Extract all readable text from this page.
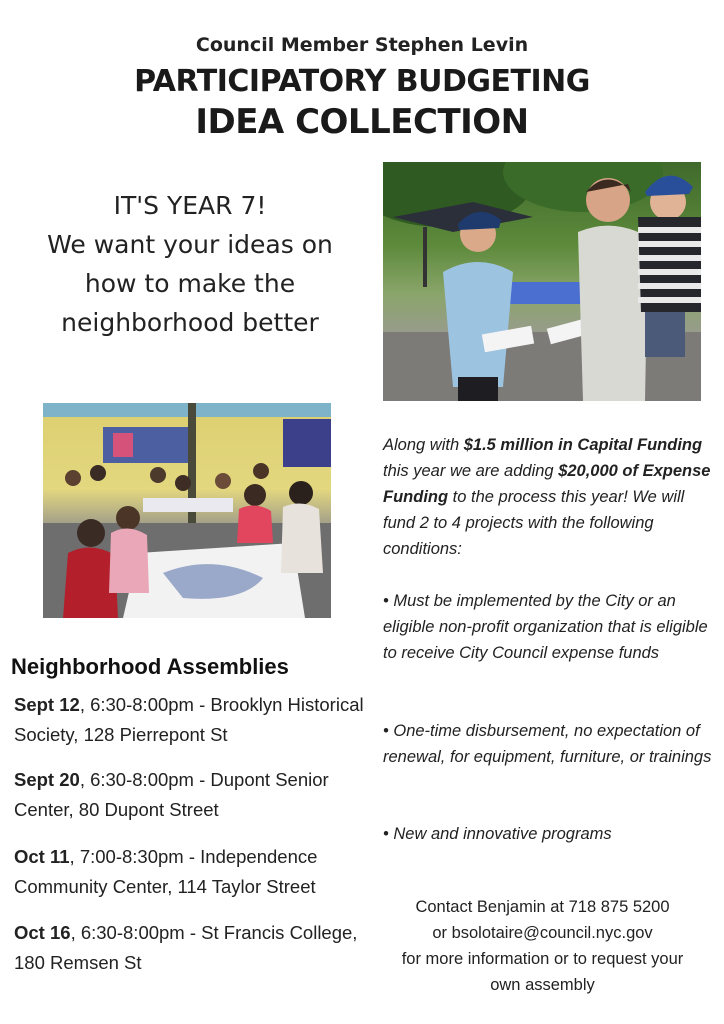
Council Member Stephen Levin
PARTICIPATORY BUDGETING
IDEA COLLECTION
IT'S YEAR 7!
We want your ideas on
how to make the
neighborhood better
Along with $1.5 million in Capital Funding this year we are adding $20,000 of Expense Funding to the process this year! We will fund 2 to 4 projects with the following conditions:
• Must be implemented by the City or an eligible non-profit organization that is eligible to receive City Council expense funds
• One-time disbursement, no expectation of renewal, for equipment, furniture, or trainings
• New and innovative programs
Contact Benjamin at 718 875 5200
or bsolotaire@council.nyc.gov
for more information or to request your
own assembly
Neighborhood Assemblies
Sept 12, 6:30-8:00pm - Brooklyn Historical Society, 128 Pierrepont St
Sept 20, 6:30-8:00pm - Dupont Senior Center, 80 Dupont Street
Oct 11, 7:00-8:30pm - Independence Community Center, 114 Taylor Street
Oct 16, 6:30-8:00pm - St Francis College, 180 Remsen St
